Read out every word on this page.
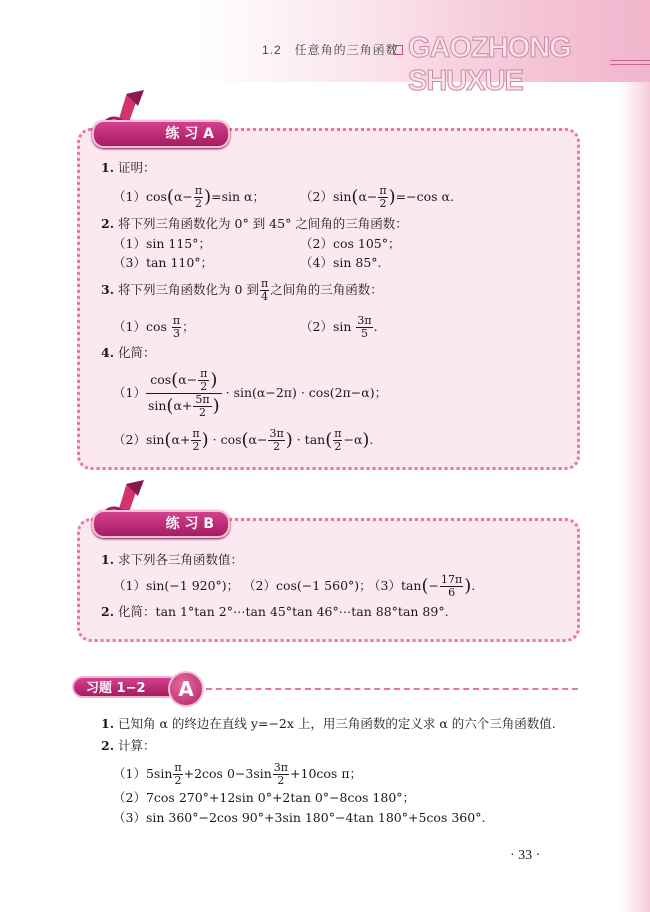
1.2　任意角的三角函数 GAOZHONG SHUXUE
练 习 A
1. 证明：
$(1)\cos(\alpha- \frac{\pi}{2} )=\sin$ α；	$(2)\sin(\alpha- \frac{\pi}{2} )=-\cos$ α.
2. 将下列三角函数化为 0° 到 45° 之间角的三角函数：
（1）sin 115°；	（2）cos 105°；
（3）tan 110°；	（4）sin 85°.
3. 将下列三角函数化为 0 到 $\frac{\pi}{4}$ 之间角的三角函数：
$(1)\cos \frac{\pi}{3}$ ；	$(2)\sin \frac{3\pi}{5}$ .
4. 化简：
$(1) \frac{\cos(\alpha- \frac{\pi}{2} )}{\sin(\alpha+ \frac{5\pi}{2} )} \cdot \sin(\alpha-2\pi) \cdot \cos(2\pi-\alpha)$；
$(2)\sin(\alpha+ \frac{\pi}{2}$ ) · $\cos(\alpha- \frac{3\pi}{2}$ ) · $\tan( \frac{\pi}{2} -\alpha)$.
练 习 B
1. 求下列各三角函数值：
（1）sin(−1 920°)； （2）cos(−1 560°)；
$(3)\tan(- \frac{17\pi}{6}$ ).
2. 化简：tan 1°tan 2°⋯tan 45°tan 46°⋯tan 88°tan 89°.
习题 1−2	A
1. 已知角 α 的终边在直线 y=−2x 上，用三角函数的定义求 α 的六个三角函数值.
2. 计算：
$(1)5\sin \frac{\pi}{2} +2\cos$ $0-3\sin \frac{3\pi}{2} +10\cos$ π；
（2）7cos 270°+12sin 0°+2tan 0°−8cos 180°；
（3）sin 360°−2cos 90°+3sin 180°−4tan 180°+5cos 360°.
· 33 ·
